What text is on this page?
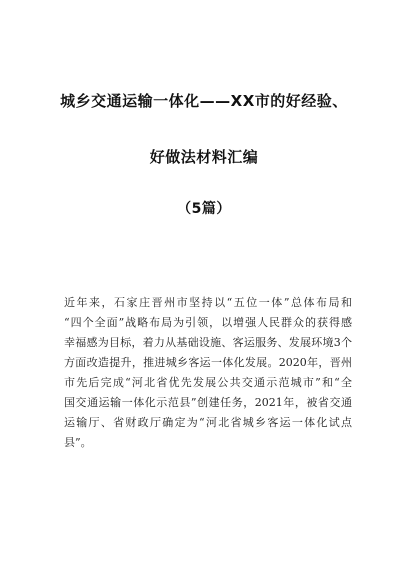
城乡交通运输一体化——XX市的好经验、
好做法材料汇编
（5篇）
近年来，石家庄晋州市坚持以“五位一体”总体布局和
“四个全面”战略布局为引领，以增强人民群众的获得感
幸福感为目标，着力从基础设施、客运服务、发展环境3个
方面改造提升，推进城乡客运一体化发展。2020年，晋州
市先后完成“河北省优先发展公共交通示范城市”和“全
国交通运输一体化示范县”创建任务，2021年，被省交通
运输厅、省财政厅确定为“河北省城乡客运一体化试点
县”。
